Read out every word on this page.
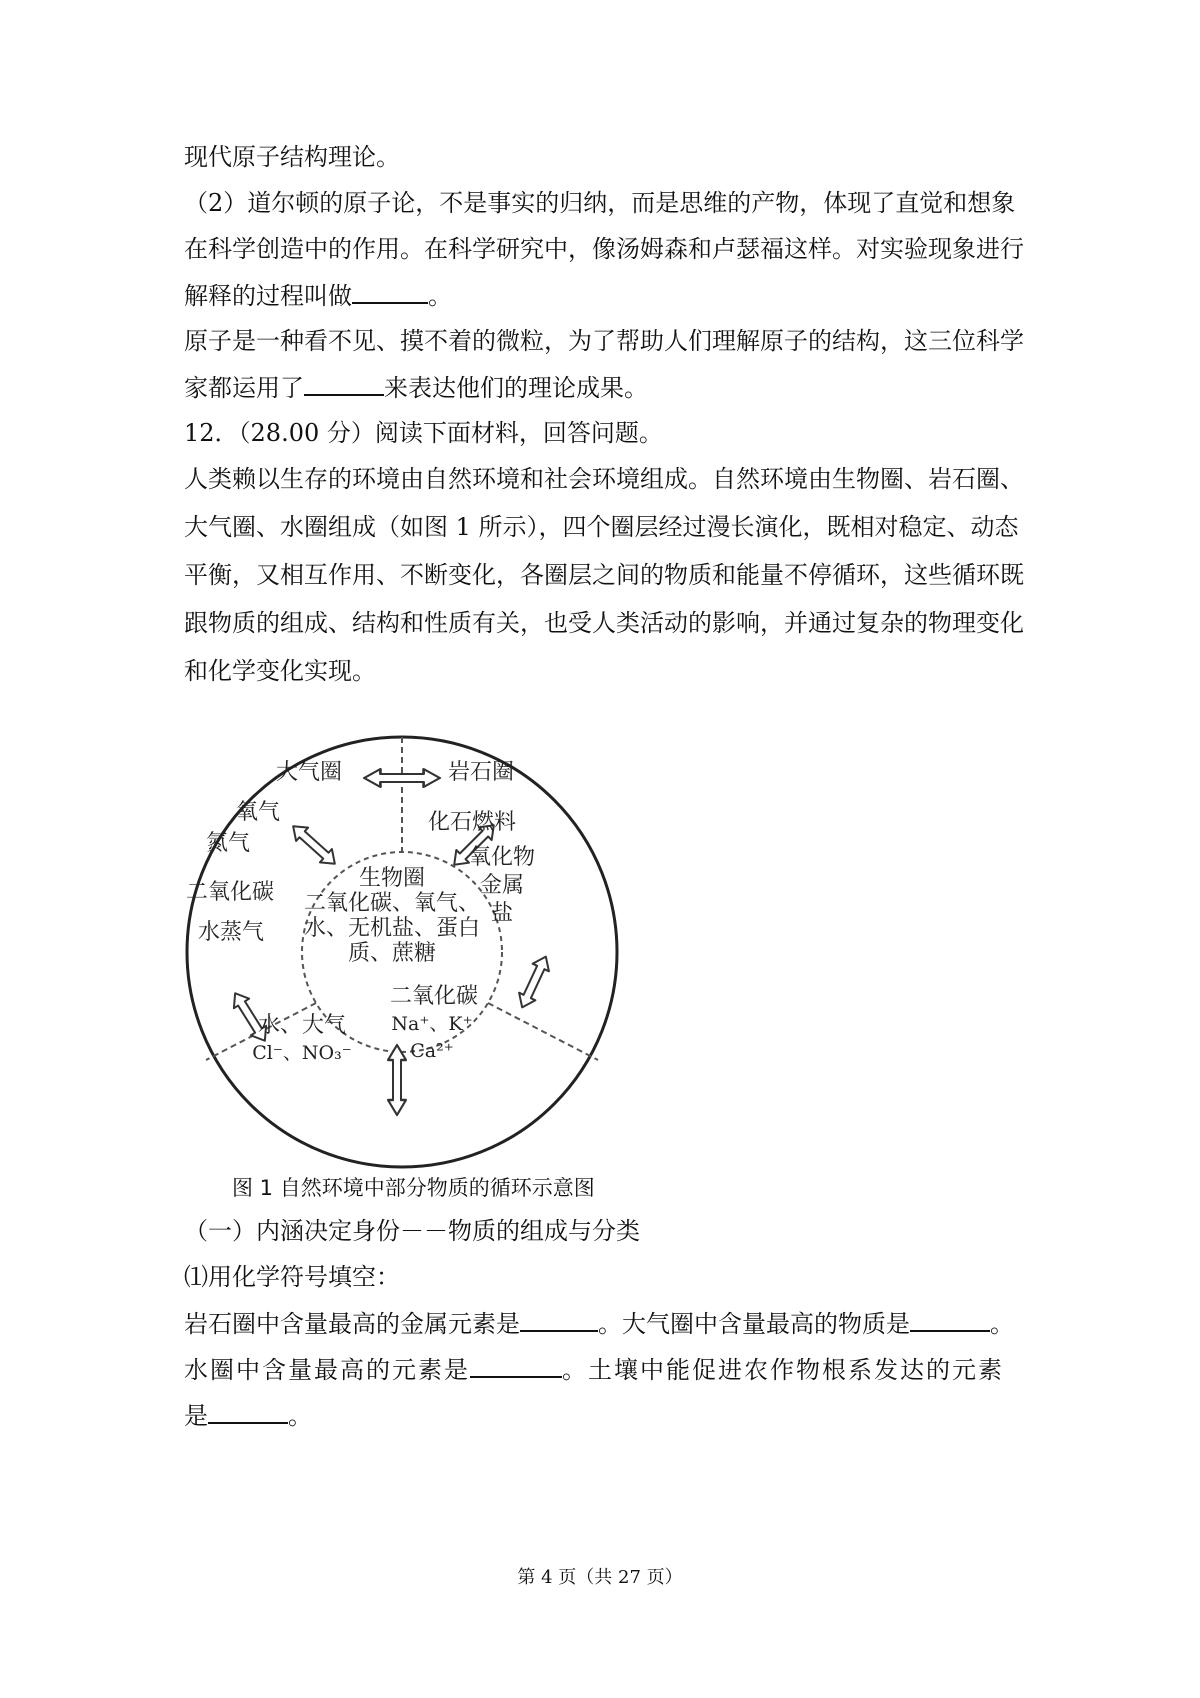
现代原子结构理论。
（2）道尔顿的原子论，不是事实的归纳，而是思维的产物，体现了直觉和想象
在科学创造中的作用。在科学研究中，像汤姆森和卢瑟福这样。对实验现象进行
解释的过程叫做	。
原子是一种看不见、摸不着的微粒，为了帮助人们理解原子的结构，这三位科学
家都运用了	来表达他们的理论成果。
12．（28.00 分）阅读下面材料，回答问题。
人类赖以生存的环境由自然环境和社会环境组成。自然环境由生物圈、岩石圈、
大气圈、水圈组成（如图 1 所示），四个圈层经过漫长演化，既相对稳定、动态
平衡，又相互作用、不断变化，各圈层之间的物质和能量不停循环，这些循环既
跟物质的组成、结构和性质有关，也受人类活动的影响，并通过复杂的物理变化
和化学变化实现。
大气圈	岩石圈
氧气
氮气
二氧化碳
水蒸气
化石燃料
氧化物
金属
盐
生物圈
二氧化碳、氧气、
水、无机盐、蛋白
质、蔗糖
水、大气
Cl⁻、NO₃⁻
二氧化碳
Na⁺、K⁺
Ca²⁺
图 1 自然环境中部分物质的循环示意图
（一）内涵决定身份－－物质的组成与分类
⑴用化学符号填空：
岩石圈中含量最高的金属元素是	。大气圈中含量最高的物质是	。
水圈中含量最高的元素是	。土壤中能促进农作物根系发达的元素
是	。
第 4 页（共 27 页）
